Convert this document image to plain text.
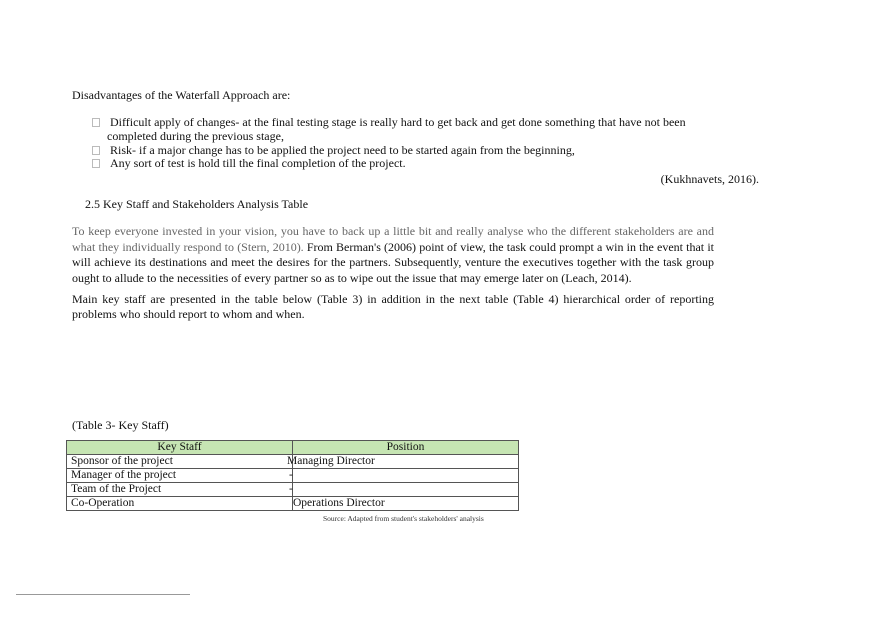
Disadvantages of the Waterfall Approach are:
Difficult apply of changes- at the final testing stage is really hard to get back and get done something that have not been
completed during the previous stage,
Risk- if a major change has to be applied the project need to be started again from the beginning,
Any sort of test is hold till the final completion of the project.
(Kukhnavets, 2016).
2.5 Key Staff and Stakeholders Analysis Table
To keep everyone invested in your vision, you have to back up a little bit and really analyse who the different stakeholders are and what they individually respond to (Stern, 2010). From Berman's (2006) point of view, the task could prompt a win in the event that it will achieve its destinations and meet the desires for the partners. Subsequently, venture the executives together with the task group ought to allude to the necessities of every partner so as to wipe out the issue that may emerge later on (Leach, 2014).
Main key staff are presented in the table below (Table 3) in addition in the next table (Table 4) hierarchical order of reporting problems who should report to whom and when.
(Table 3- Key Staff)
Key Staff	Position
Sponsor of the project	Managing Director
Manager of the project	-
Team of the Project	-
Co-Operation	Operations Director
Source: Adapted from student's stakeholders' analysis
